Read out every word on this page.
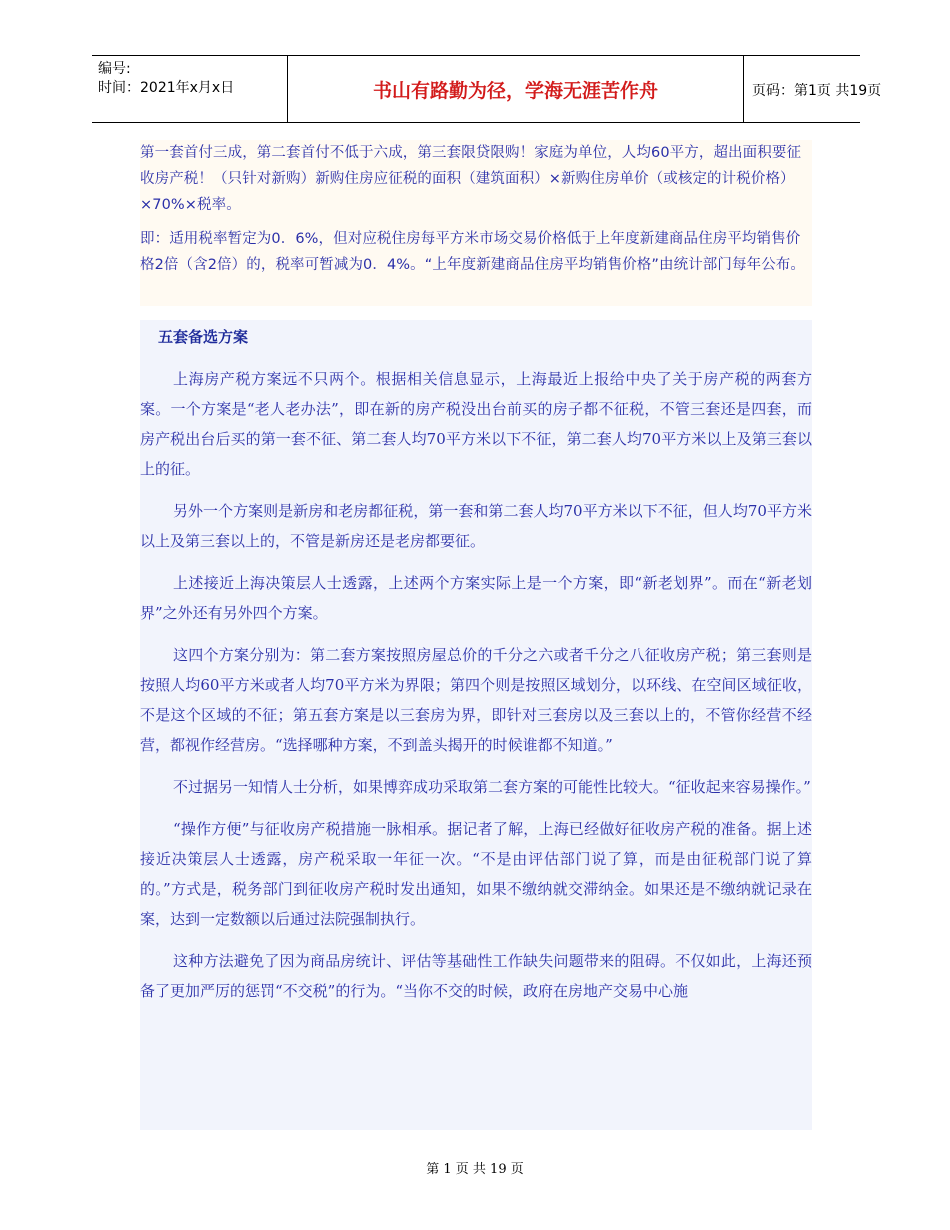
编号:
时间：2021年x月x日	书山有路勤为径，学海无涯苦作舟	页码：第1页 共19页

第一套首付三成，第二套首付不低于六成，第三套限贷限购！家庭为单位，人均60平方，超出面积要征收房产税！（只针对新购）新购住房应征税的面积（建筑面积）×新购住房单价（或核定的计税价格）×70%×税率。

即：适用税率暂定为0．6%，但对应税住房每平方米市场交易价格低于上年度新建商品住房平均销售价格2倍（含2倍）的，税率可暂减为0．4%。“上年度新建商品住房平均销售价格”由统计部门每年公布。

五套备选方案

上海房产税方案远不只两个。根据相关信息显示，上海最近上报给中央了关于房产税的两套方案。一个方案是“老人老办法”，即在新的房产税没出台前买的房子都不征税，不管三套还是四套，而房产税出台后买的第一套不征、第二套人均70平方米以下不征，第二套人均70平方米以上及第三套以上的征。

另外一个方案则是新房和老房都征税，第一套和第二套人均70平方米以下不征，但人均70平方米以上及第三套以上的，不管是新房还是老房都要征。

上述接近上海决策层人士透露，上述两个方案实际上是一个方案，即“新老划界”。而在“新老划界”之外还有另外四个方案。

这四个方案分别为：第二套方案按照房屋总价的千分之六或者千分之八征收房产税；第三套则是按照人均60平方米或者人均70平方米为界限；第四个则是按照区域划分，以环线、在空间区域征收，不是这个区域的不征；第五套方案是以三套房为界，即针对三套房以及三套以上的，不管你经营不经营，都视作经营房。“选择哪种方案，不到盖头揭开的时候谁都不知道。”

不过据另一知情人士分析，如果博弈成功采取第二套方案的可能性比较大。“征收起来容易操作。”

“操作方便”与征收房产税措施一脉相承。据记者了解，上海已经做好征收房产税的准备。据上述接近决策层人士透露，房产税采取一年征一次。“不是由评估部门说了算，而是由征税部门说了算的。”方式是，税务部门到征收房产税时发出通知，如果不缴纳就交滞纳金。如果还是不缴纳就记录在案，达到一定数额以后通过法院强制执行。

这种方法避免了因为商品房统计、评估等基础性工作缺失问题带来的阻碍。不仅如此，上海还预备了更加严厉的惩罚“不交税”的行为。“当你不交的时候，政府在房地产交易中心施

第 1 页 共 19 页
